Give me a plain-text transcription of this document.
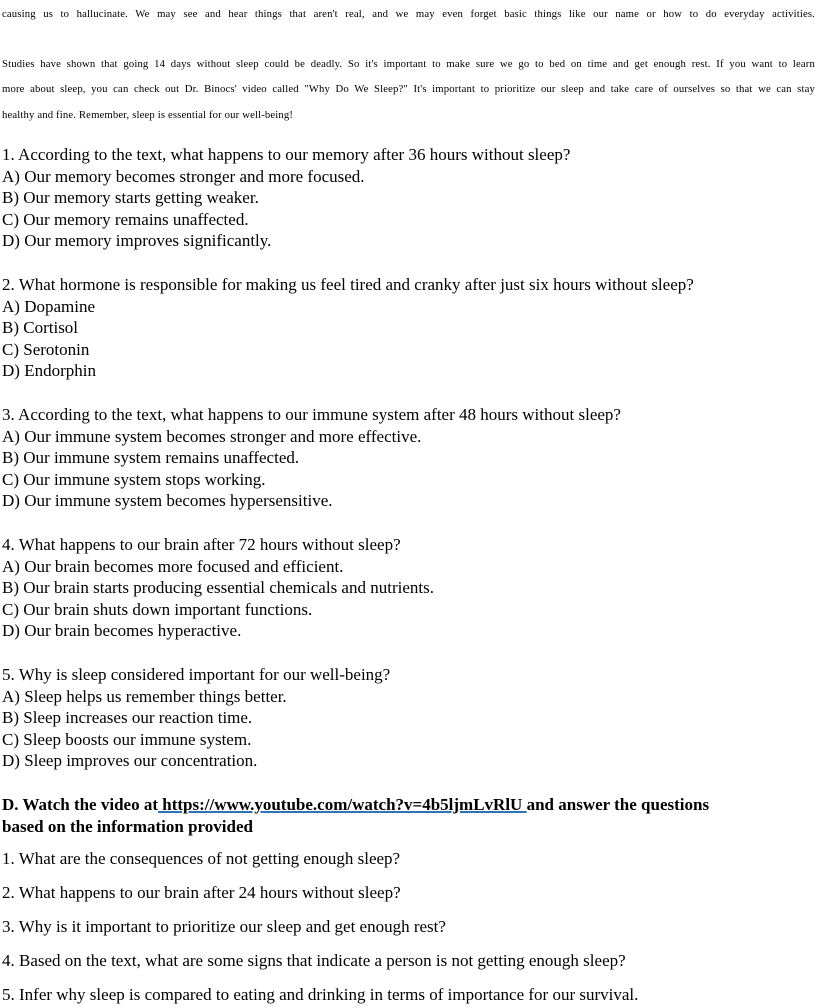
causing us to hallucinate. We may see and hear things that aren't real, and we may even forget basic things like our name or how to do everyday activities.
Studies have shown that going 14 days without sleep could be deadly. So it's important to make sure we go to bed on time and get enough rest. If you want to learn
more about sleep, you can check out Dr. Binocs' video called "Why Do We Sleep?" It's important to prioritize our sleep and take care of ourselves so that we can stay
healthy and fine. Remember, sleep is essential for our well-being!
1. According to the text, what happens to our memory after 36 hours without sleep?
A) Our memory becomes stronger and more focused.
B) Our memory starts getting weaker.
C) Our memory remains unaffected.
D) Our memory improves significantly.
2. What hormone is responsible for making us feel tired and cranky after just six hours without sleep?
A) Dopamine
B) Cortisol
C) Serotonin
D) Endorphin
3. According to the text, what happens to our immune system after 48 hours without sleep?
A) Our immune system becomes stronger and more effective.
B) Our immune system remains unaffected.
C) Our immune system stops working.
D) Our immune system becomes hypersensitive.
4. What happens to our brain after 72 hours without sleep?
A) Our brain becomes more focused and efficient.
B) Our brain starts producing essential chemicals and nutrients.
C) Our brain shuts down important functions.
D) Our brain becomes hyperactive.
5. Why is sleep considered important for our well-being?
A) Sleep helps us remember things better.
B) Sleep increases our reaction time.
C) Sleep boosts our immune system.
D) Sleep improves our concentration.
D. Watch the video at https://www.youtube.com/watch?v=4b5ljmLvRlU and answer the questions
based on the information provided
1. What are the consequences of not getting enough sleep?
2. What happens to our brain after 24 hours without sleep?
3. Why is it important to prioritize our sleep and get enough rest?
4. Based on the text, what are some signs that indicate a person is not getting enough sleep?
5. Infer why sleep is compared to eating and drinking in terms of importance for our survival.
